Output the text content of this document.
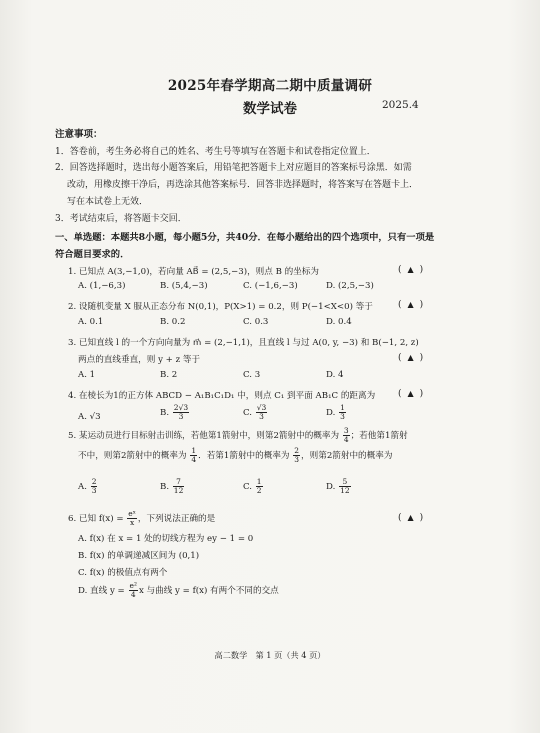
2025年春学期高二期中质量调研
数学试卷	2025.4
注意事项：
1．答卷前，考生务必将自己的姓名、考生号等填写在答题卡和试卷指定位置上．
2．回答选择题时，选出每小题答案后，用铅笔把答题卡上对应题目的答案标号涂黑．如需
改动，用橡皮擦干净后，再选涂其他答案标号．回答非选择题时，将答案写在答题卡上．
写在本试卷上无效．
3．考试结束后，将答题卡交回．
一、单选题：本题共8小题，每小题5分，共40分．在每小题给出的四个选项中，只有一项是
符合题目要求的．
1. 已知点 A(3,−1,0)，若向量 AB⃗ = (2,5,−3)，则点 B 的坐标为	( ▲ )
A. (1,−6,3)	B. (5,4,−3)	C. (−1,6,−3)	D. (2,5,−3)
2. 设随机变量 X 服从正态分布 N(0,1)，P(X>1) = 0.2，则 P(−1<X<0) 等于	( ▲ )
A. 0.1	B. 0.2	C. 0.3	D. 0.4
3. 已知直线 l 的一个方向向量为 m⃗ = (2,−1,1)，且直线 l 与过 A(0, y, −3) 和 B(−1, 2, z)
两点的直线垂直，则 y + z 等于	( ▲ )
A. 1	B. 2	C. 3	D. 4
4. 在棱长为1的正方体 ABCD − A₁B₁C₁D₁ 中，则点 C₁ 到平面 AB₁C 的距离为	( ▲ )
A. √3	B. $\frac{2√3}{3}$	C. $\frac{√3}{3}$	D. $\frac{1}{3}$
5. 某运动员进行目标射击训练，若他第1箭射中，则第2箭射中的概率为 $\frac{3}{4}$ ；若他第1箭射
不中，则第2箭射中的概率为 $\frac{1}{4}$ ．若第1箭射中的概率为 $\frac{2}{3}$ ，则第2箭射中的概率为
A. $\frac{2}{3}$	B. $\frac{7}{12}$	C. $\frac{1}{2}$	D. $\frac{5}{12}$
6. 已知 $f(x) = \frac{\text{eˣ}}{x}$ ，下列说法正确的是	( ▲ )
A. f(x) 在 x = 1 处的切线方程为 ey − 1 = 0
B. f(x) 的单调递减区间为 (0,1)
C. f(x) 的极值点有两个
D. 直线 $y = \frac{\text{e²}}{4}$ x 与曲线 y = f(x) 有两个不同的交点
高二数学　第 1 页（共 4 页）
